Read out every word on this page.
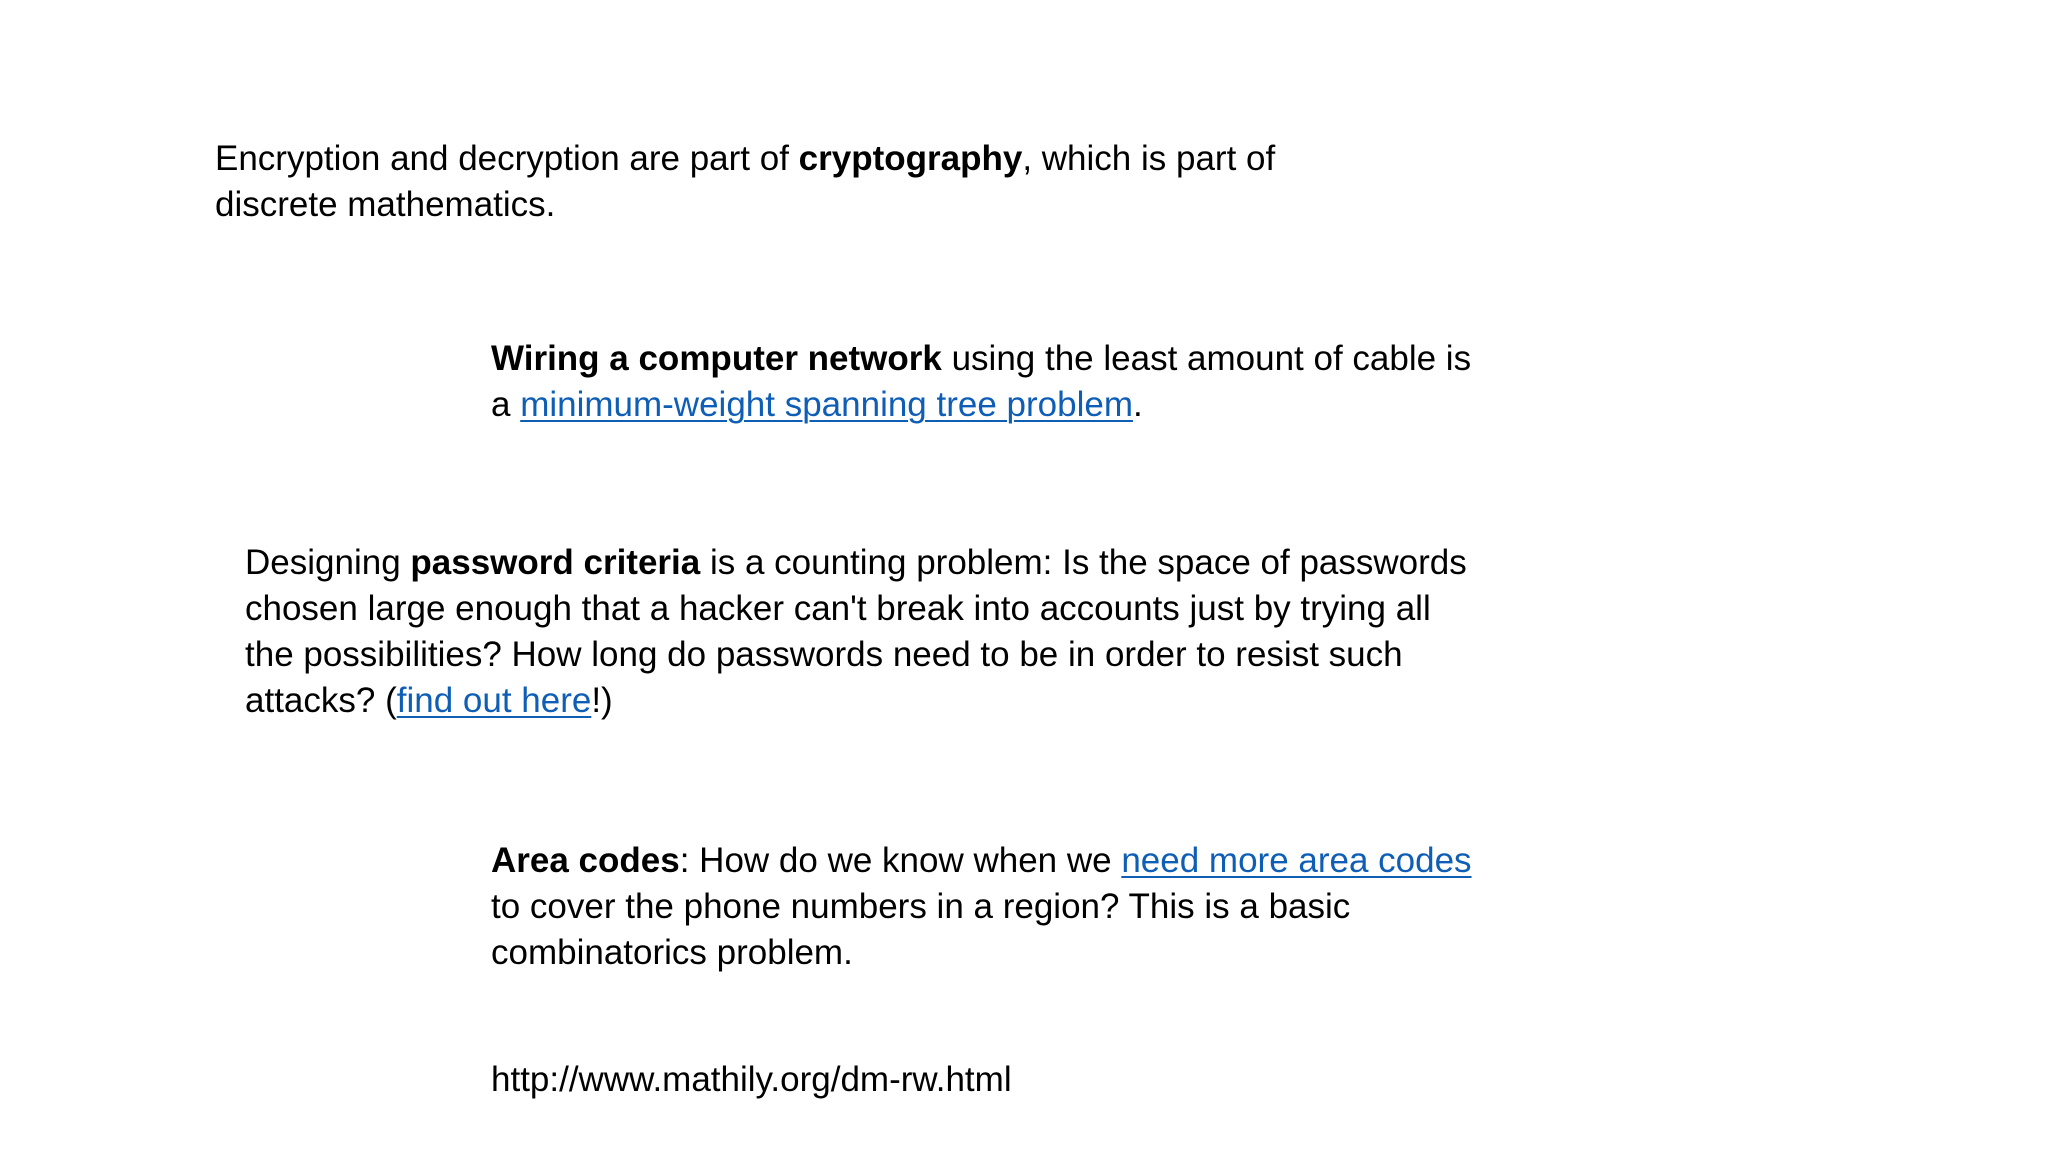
Encryption and decryption are part of cryptography, which is part of
discrete mathematics.
Wiring a computer network using the least amount of cable is
a minimum-weight spanning tree problem.
Designing password criteria is a counting problem: Is the space of passwords
chosen large enough that a hacker can't break into accounts just by trying all
the possibilities? How long do passwords need to be in order to resist such
attacks? (find out here!)
Area codes: How do we know when we need more area codes
to cover the phone numbers in a region? This is a basic
combinatorics problem.
http://www.mathily.org/dm-rw.html
